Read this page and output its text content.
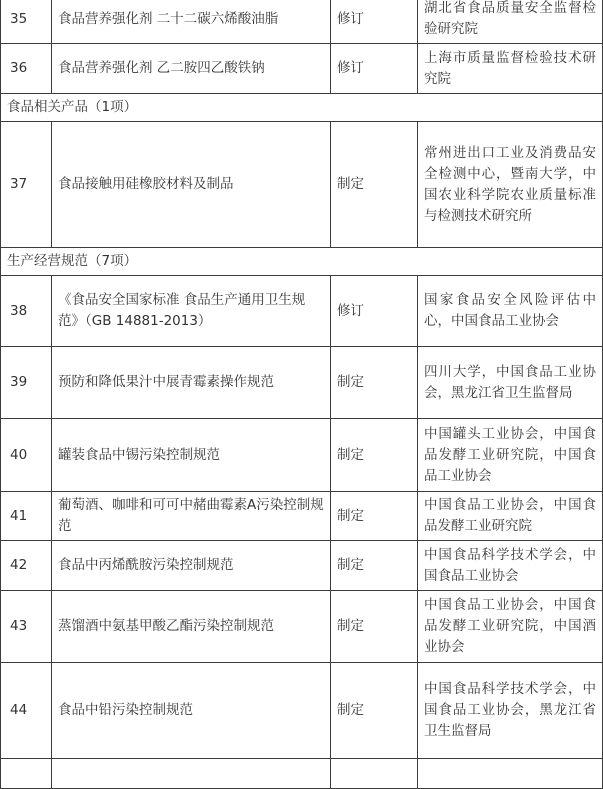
35	食品营养强化剂 二十二碳六烯酸油脂	修订	湖北省食品质量安全监督检验研究院
36	食品营养强化剂 乙二胺四乙酸铁钠	修订	上海市质量监督检验技术研究院
食品相关产品（1项）			
37	食品接触用硅橡胶材料及制品	制定	常州进出口工业及消费品安全检测中心，暨南大学，中国农业科学院农业质量标准与检测技术研究所
生产经营规范（7项）			
38	《食品安全国家标准 食品生产通用卫生规范》（GB 14881-2013）	修订	国家食品安全风险评估中心，中国食品工业协会
39	预防和降低果汁中展青霉素操作规范	制定	四川大学，中国食品工业协会，黑龙江省卫生监督局
40	罐装食品中锡污染控制规范	制定	中国罐头工业协会，中国食品发酵工业研究院，中国食品工业协会
41	葡萄酒、咖啡和可可中赭曲霉素A污染控制规范	制定	中国食品工业协会，中国食品发酵工业研究院
42	食品中丙烯酰胺污染控制规范	制定	中国食品科学技术学会，中国食品工业协会
43	蒸馏酒中氨基甲酸乙酯污染控制规范	制定	中国食品工业协会，中国食品发酵工业研究院，中国酒业协会
44	食品中铅污染控制规范	制定	中国食品科学技术学会，中国食品工业协会，黑龙江省卫生监督局
